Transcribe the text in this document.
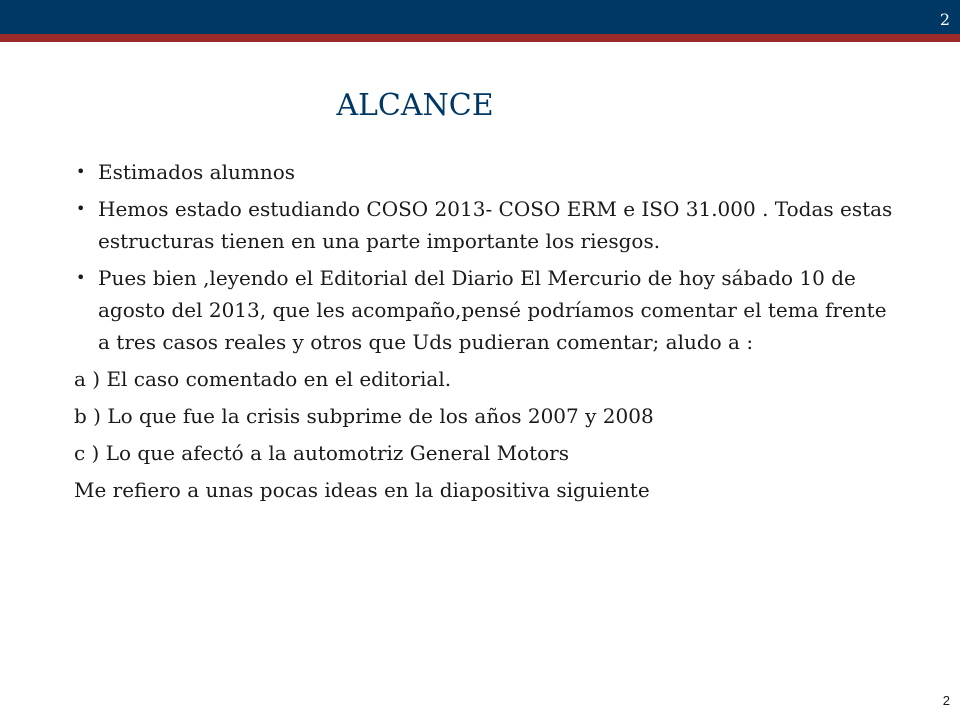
2
ALCANCE
• Estimados alumnos
• Hemos estado estudiando COSO 2013- COSO ERM e ISO 31.000 . Todas estas estructuras tienen en una parte importante los riesgos.
• Pues bien ,leyendo el Editorial del Diario El Mercurio de hoy sábado 10 de agosto del 2013, que les acompaño,pensé podríamos comentar el tema frente a tres casos reales y otros que Uds pudieran comentar; aludo a :
a ) El caso comentado en el editorial.
b ) Lo que fue la crisis subprime de los años 2007 y 2008
c ) Lo que afectó a la automotriz General Motors
Me refiero a unas pocas ideas en la diapositiva siguiente
2
